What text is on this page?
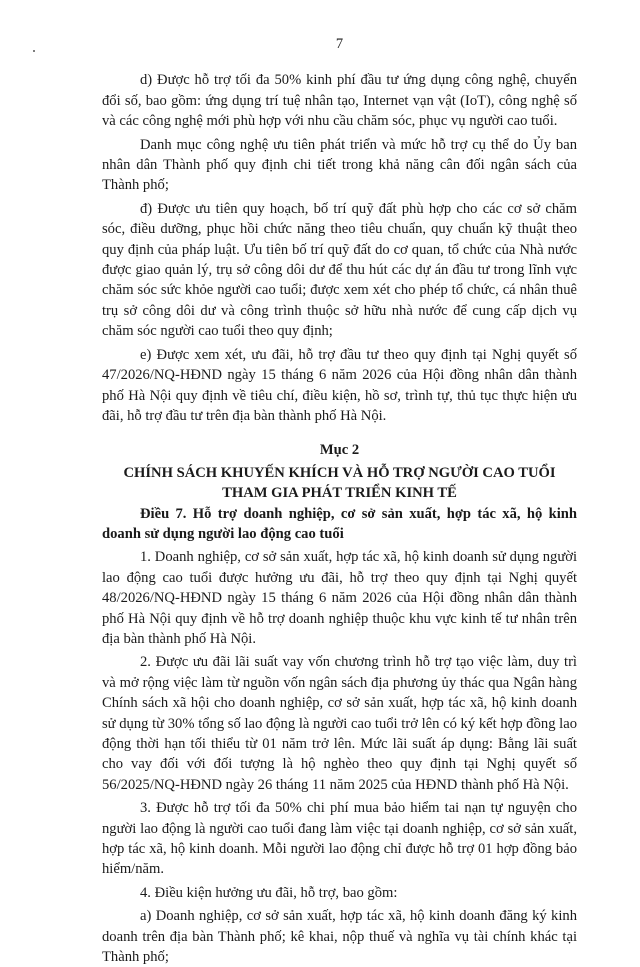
7

d) Được hỗ trợ tối đa 50% kinh phí đầu tư ứng dụng công nghệ, chuyển đổi số, bao gồm: ứng dụng trí tuệ nhân tạo, Internet vạn vật (IoT), công nghệ số và các công nghệ mới phù hợp với nhu cầu chăm sóc, phục vụ người cao tuổi.

Danh mục công nghệ ưu tiên phát triển và mức hỗ trợ cụ thể do Ủy ban nhân dân Thành phố quy định chi tiết trong khả năng cân đối ngân sách của Thành phố;

đ) Được ưu tiên quy hoạch, bố trí quỹ đất phù hợp cho các cơ sở chăm sóc, điều dưỡng, phục hồi chức năng theo tiêu chuẩn, quy chuẩn kỹ thuật theo quy định của pháp luật. Ưu tiên bố trí quỹ đất do cơ quan, tổ chức của Nhà nước được giao quản lý, trụ sở công dôi dư để thu hút các dự án đầu tư trong lĩnh vực chăm sóc sức khỏe người cao tuổi; được xem xét cho phép tổ chức, cá nhân thuê trụ sở công dôi dư và công trình thuộc sở hữu nhà nước để cung cấp dịch vụ chăm sóc người cao tuổi theo quy định;

e) Được xem xét, ưu đãi, hỗ trợ đầu tư theo quy định tại Nghị quyết số 47/2026/NQ-HĐND ngày 15 tháng 6 năm 2026 của Hội đồng nhân dân thành phố Hà Nội quy định về tiêu chí, điều kiện, hồ sơ, trình tự, thủ tục thực hiện ưu đãi, hỗ trợ đầu tư trên địa bàn thành phố Hà Nội.

Mục 2

CHÍNH SÁCH KHUYẾN KHÍCH VÀ HỖ TRỢ NGƯỜI CAO TUỔI

THAM GIA PHÁT TRIỂN KINH TẾ

Điều 7. Hỗ trợ doanh nghiệp, cơ sở sản xuất, hợp tác xã, hộ kinh doanh sử dụng người lao động cao tuổi

1. Doanh nghiệp, cơ sở sản xuất, hợp tác xã, hộ kinh doanh sử dụng người lao động cao tuổi được hưởng ưu đãi, hỗ trợ theo quy định tại Nghị quyết 48/2026/NQ-HĐND ngày 15 tháng 6 năm 2026 của Hội đồng nhân dân thành phố Hà Nội quy định về hỗ trợ doanh nghiệp thuộc khu vực kinh tế tư nhân trên địa bàn thành phố Hà Nội.

2. Được ưu đãi lãi suất vay vốn chương trình hỗ trợ tạo việc làm, duy trì và mở rộng việc làm từ nguồn vốn ngân sách địa phương ủy thác qua Ngân hàng Chính sách xã hội cho doanh nghiệp, cơ sở sản xuất, hợp tác xã, hộ kinh doanh sử dụng từ 30% tổng số lao động là người cao tuổi trở lên có ký kết hợp đồng lao động thời hạn tối thiểu từ 01 năm trở lên. Mức lãi suất áp dụng: Bằng lãi suất cho vay đối với đối tượng là hộ nghèo theo quy định tại Nghị quyết số 56/2025/NQ-HĐND ngày 26 tháng 11 năm 2025 của HĐND thành phố Hà Nội.

3. Được hỗ trợ tối đa 50% chi phí mua bảo hiểm tai nạn tự nguyện cho người lao động là người cao tuổi đang làm việc tại doanh nghiệp, cơ sở sản xuất, hợp tác xã, hộ kinh doanh. Mỗi người lao động chỉ được hỗ trợ 01 hợp đồng bảo hiểm/năm.

4. Điều kiện hưởng ưu đãi, hỗ trợ, bao gồm:

a) Doanh nghiệp, cơ sở sản xuất, hợp tác xã, hộ kinh doanh đăng ký kinh doanh trên địa bàn Thành phố; kê khai, nộp thuế và nghĩa vụ tài chính khác tại Thành phố;
